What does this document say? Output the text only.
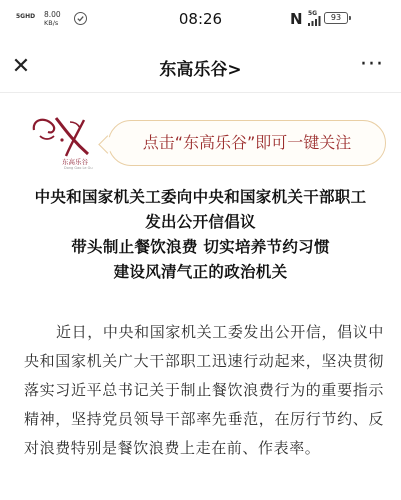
5GHD 8.00
KB/s	08:26	N 5G	93
✕	东高乐谷>	···
东高乐谷
Dong Gao Le Gu
点击“东高乐谷”即可一键关注
中央和国家机关工委向中央和国家机关干部职工
发出公开信倡议
带头制止餐饮浪费 切实培养节约习惯
建设风清气正的政治机关

近日，中央和国家机关工委发出公开信，倡议中央和国家机关广大干部职工迅速行动起来，坚决贯彻落实习近平总书记关于制止餐饮浪费行为的重要指示精神，坚持党员领导干部率先垂范，在厉行节约、反对浪费特别是餐饮浪费上走在前、作表率。
